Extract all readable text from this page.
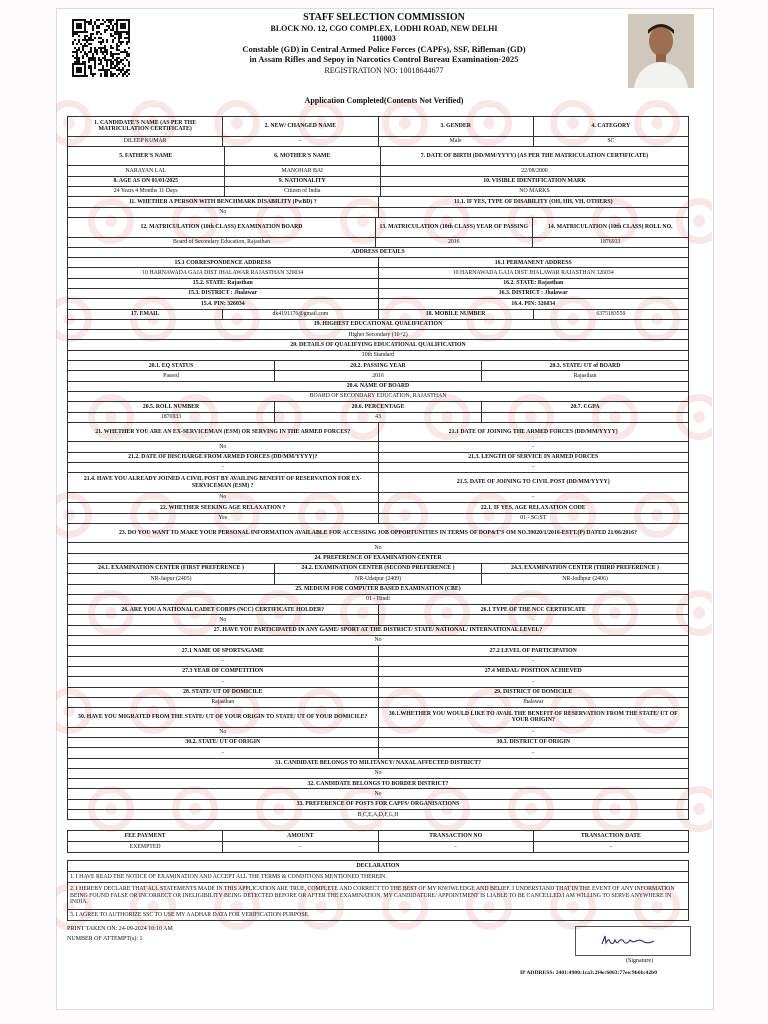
STAFF SELECTION COMMISSION
BLOCK NO. 12, CGO COMPLEX, LODHI ROAD, NEW DELHI
110003
Constable (GD) in Central Armed Police Forces (CAPFs), SSF, Rifleman (GD)
in Assam Rifles and Sepoy in Narcotics Control Bureau Examination-2025
REGISTRATION NO: 10018644677
Application Completed(Contents Not Verified)
1. CANDIDATE'S NAME (AS PER THE MATRICULATION CERTIFICATE)
2. NEW/ CHANGED NAME	3. GENDER	4. CATEGORY
DILEEP KUMAR	-	Male	SC
5. FATHER'S NAME	6. MOTHER'S NAME	7. DATE OF BIRTH (DD/MM/YYYY) (AS PER THE MATRICULATION CERTIFICATE)
NARAYAN LAL	MANOHAR BAI	22/08/2000
8. AGE AS ON 01/01/2025	9. NATIONALITY	10. VISIBLE IDENTIFICATION MARK
24 Years 4 Months 11 Days	Citizen of India	NO MARKS
11. WHETHER A PERSON WITH BENCHMARK DISABILITY (PwBD) ?	11.1. IF YES, TYPE OF DISABILITY (OH, HH, VH, OTHERS)
No
12. MATRICULATION (10th CLASS) EXAMINATION BOARD	13. MATRICULATION (10th CLASS) YEAR OF PASSING	14. MATRICULATION (10th CLASS) ROLL NO.
Board of Secondary Education, Rajasthan	2016	1876933
ADDRESS DETAILS
15.1 CORRESPONDENCE ADDRESS	16.1 PERMANENT ADDRESS
10 HARNAWADA GAJA DIST JHALAWAR RAJASTHAN 326034	10 HARNAWADA GAJA DIST JHALAWAR RAJASTHAN 326034
15.2. STATE: Rajasthan	16.2. STATE: Rajasthan
15.3. DISTRICT : Jhalawar	16.3. DISTRICT : Jhalawar
15.4. PIN: 326034	16.4. PIN: 326034
17. EMAIL	dk4191176@gmail.com	18. MOBILE NUMBER	6375183559
19. HIGHEST EDUCATIONAL QUALIFICATION
Higher Secondary (10+2)
20. DETAILS OF QUALIFYING EDUCATIONAL QUALIFICATION
10th Standard
20.1. EQ STATUS	20.2. PASSING YEAR	20.3. STATE/ UT of BOARD
Passed	2016	Rajasthan
20.4. NAME OF BOARD
BOARD OF SECONDARY EDUCATION, RAJASTHAN
20.5. ROLL NUMBER	20.6. PERCENTAGE	20.7. CGPA
1876933	43
21. WHETHER YOU ARE AN EX-SERVICEMAN (ESM) OR SERVING IN THE ARMED FORCES?	21.1 DATE OF JOINING THE ARMED FORCES (DD/MM/YYYY)
No	-
21.2. DATE OF DISCHARGE FROM ARMED FORCES (DD/MM/YYYY)?	21.3. LENGTH OF SERVICE IN ARMED FORCES
-	-
21.4. HAVE YOU ALREADY JOINED A CIVIL POST BY AVAILING BENEFIT OF RESERVATION FOR EX-SERVICEMAN (ESM) ?
21.5. DATE OF JOINING TO CIVIL POST (DD/MM/YYYY)
No	-
22. WHETHER SEEKING AGE RELAXATION ?	22.1. IF YES, AGE RELAXATION CODE
Yes	01 - SC/ST
23. DO YOU WANT TO MAKE YOUR PERSONAL INFORMATION AVAILABLE FOR ACCESSING JOB OPPORTUNITIES IN TERMS OF DOP&T'S OM NO.39020/1/2016-ESTT.(P) DATED 21/06/2016?
No
24. PREFERENCE OF EXAMINATION CENTER
24.1. EXAMINATION CENTER (FIRST PREFERENCE )	24.2. EXAMINATION CENTER (SECOND PREFERENCE )	24.3. EXAMINATION CENTER (THIRD PREFERENCE )
NR-Jaipur (2405)	NR-Udaipur (2409)	NR-Jodhpur (2406)
25. MEDIUM FOR COMPUTER BASED EXAMINATION (CBE)
01 - Hindi
26. ARE YOU A NATIONAL CADET CORPS (NCC) CERTIFICATE HOLDER?	26.1 TYPE OF THE NCC CERTIFICATE
No	-
27. HAVE YOU PARTICIPATED IN ANY GAME/ SPORT AT THE DISTRICT/ STATE/ NATIONAL/ INTERNATIONAL LEVEL?
No
27.1 NAME OF SPORTS/GAME	27.2 LEVEL OF PARTICIPATION
-	-
27.3 YEAR OF COMPETITION	27.4 MEDAL/ POSITION ACHIEVED
-	-
28. STATE/ UT OF DOMICILE	29. DISTRICT OF DOMICILE
Rajasthan	Jhalawar
30. HAVE YOU MIGRATED FROM THE STATE/ UT OF YOUR ORIGIN TO STATE/ UT OF YOUR DOMICILE?
30.1.WHETHER YOU WOULD LIKE TO AVAIL THE BENEFIT OF RESERVATION FROM THE STATE/ UT OF YOUR ORIGIN?
No	-
30.2. STATE/ UT OF ORIGIN	30.3. DISTRICT OF ORIGIN
-	-
31. CANDIDATE BELONGS TO MILITANCY/ NAXAL AFFECTED DISTRICT?
No
32. CANDIDATE BELONGS TO BORDER DISTRICT?
No
33. PREFERENCE OF POSTS FOR CAPFS/ ORGANISATIONS
B,C,E,A,D,F,G,H
FEE PAYMENT	AMOUNT	TRANSACTION NO	TRANSACTION DATE
EXEMPTED	-	-	-
DECLARATION
1. I HAVE READ THE NOTICE OF EXAMINATION AND ACCEPT ALL THE TERMS & CONDITIONS MENTIONED THEREIN.
2. I HEREBY DECLARE THAT ALL STATEMENTS MADE IN THIS APPLICATION ARE TRUE, COMPLETE AND CORRECT TO THE BEST OF MY KNOWLEDGE AND BELIEF. I UNDERSTAND THAT IN THE EVENT OF ANY INFORMATION BEING FOUND FALSE OR INCORRECT OR INELIGIBILITY BEING DETECTED BEFORE OR AFTER THE EXAMINATION, MY CANDIDATURE/ APPOINTMENT IS LIABLE TO BE CANCELLED.I AM WILLING TO SERVE ANYWHERE IN INDIA.
3. I AGREE TO AUTHORIZE SSC TO USE MY AADHAR DATA FOR VERIFICATION PURPOSE.
PRINT TAKEN ON: 24-09-2024 10:10 AM
NUMBER OF ATTEMPT(s): 1
(Signature)
IP ADDRESS: 2401:4900:1ca3:2f4e:6063:77ee:9b6b:42b0
